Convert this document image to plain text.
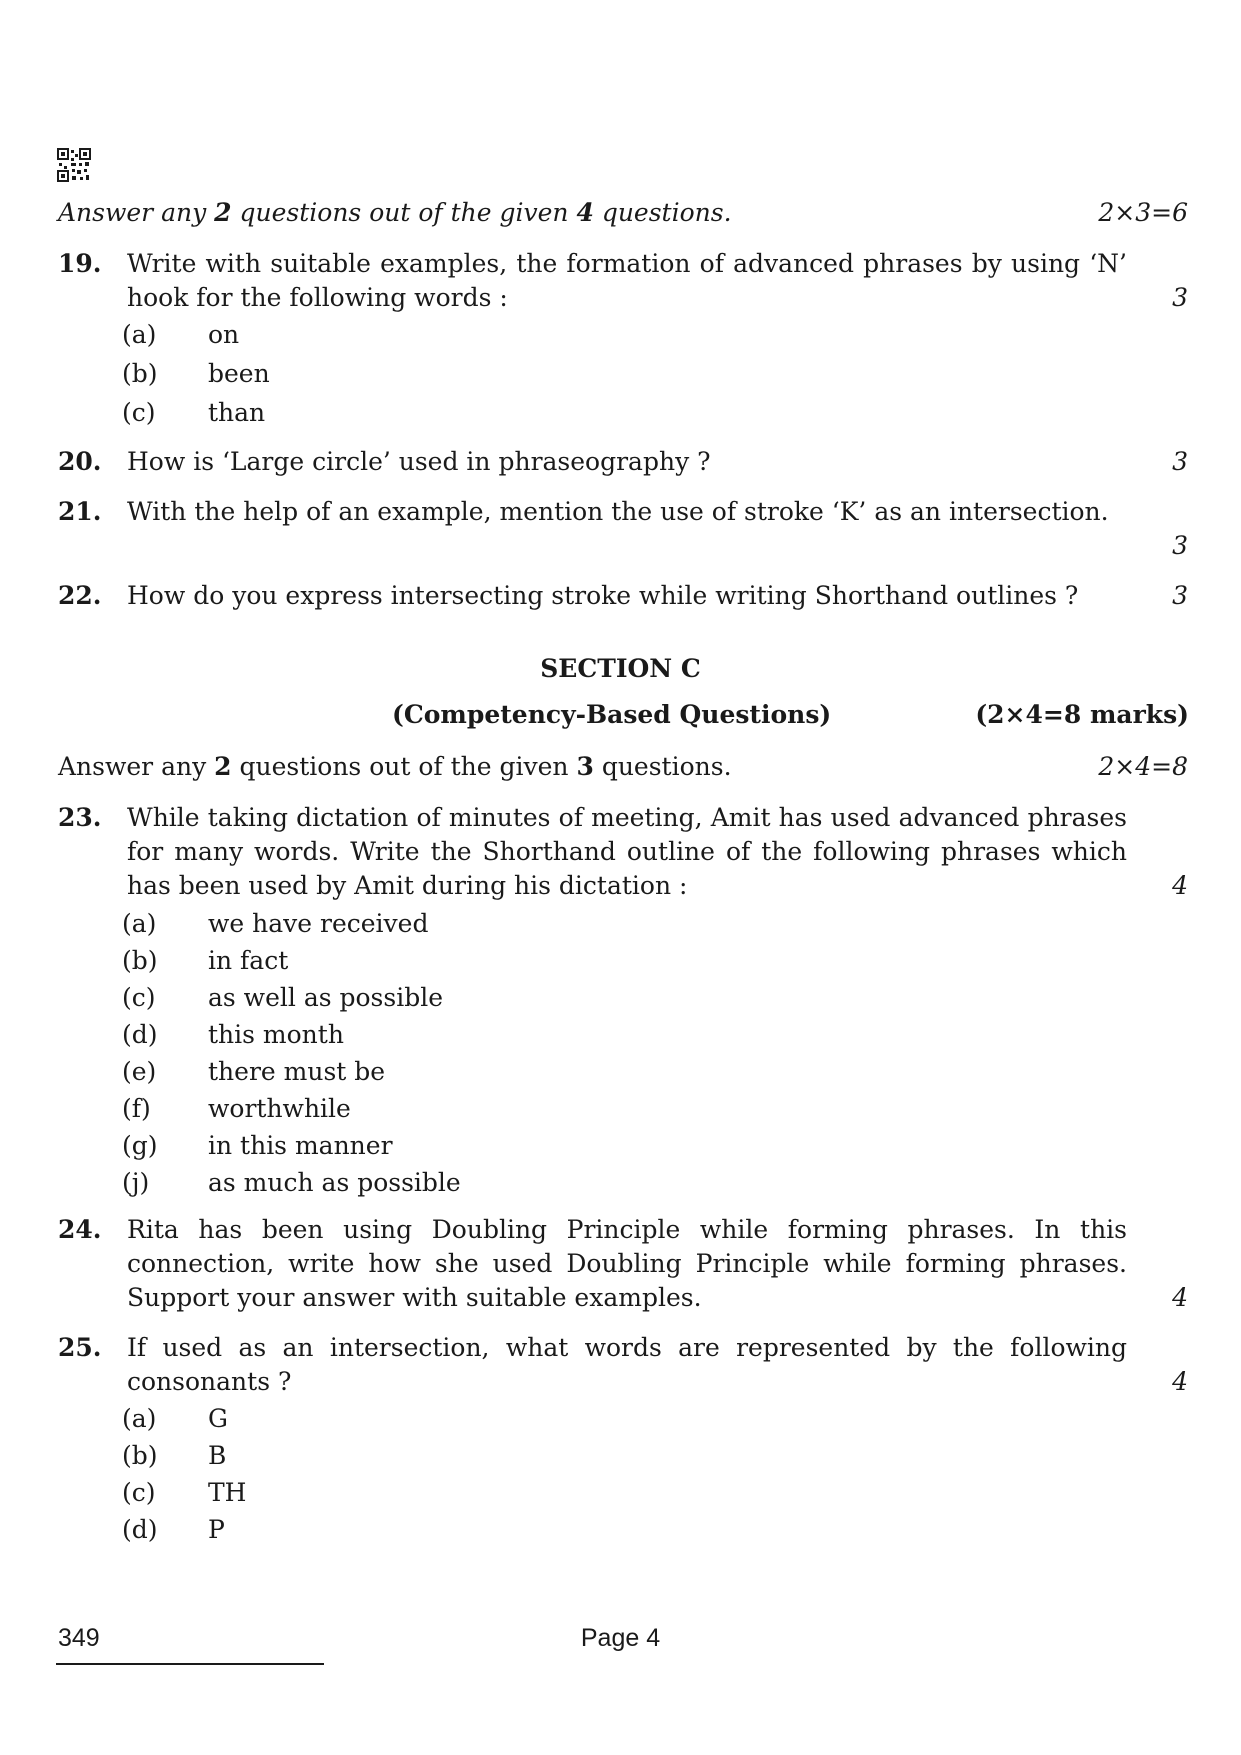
Answer any 2 questions out of the given 4 questions.	2×3=6
19. Write with suitable examples, the formation of advanced phrases by using ‘N’ hook for the following words :	3
(a) on
(b) been
(c) than
20. How is ‘Large circle’ used in phraseography ?	3
21. With the help of an example, mention the use of stroke ‘K’ as an intersection.
3
22. How do you express intersecting stroke while writing Shorthand outlines ?	3
SECTION C
(Competency-Based Questions)	(2×4=8 marks)
Answer any 2 questions out of the given 3 questions.	2×4=8
23. While taking dictation of minutes of meeting, Amit has used advanced phrases for many words. Write the Shorthand outline of the following phrases which has been used by Amit during his dictation :	4
(a) we have received
(b) in fact
(c) as well as possible
(d) this month
(e) there must be
(f) worthwhile
(g) in this manner
(j) as much as possible
24. Rita has been using Doubling Principle while forming phrases. In this connection, write how she used Doubling Principle while forming phrases. Support your answer with suitable examples.	4
25. If used as an intersection, what words are represented by the following consonants ?	4
(a) G
(b) B
(c) TH
(d) P
349	Page 4
